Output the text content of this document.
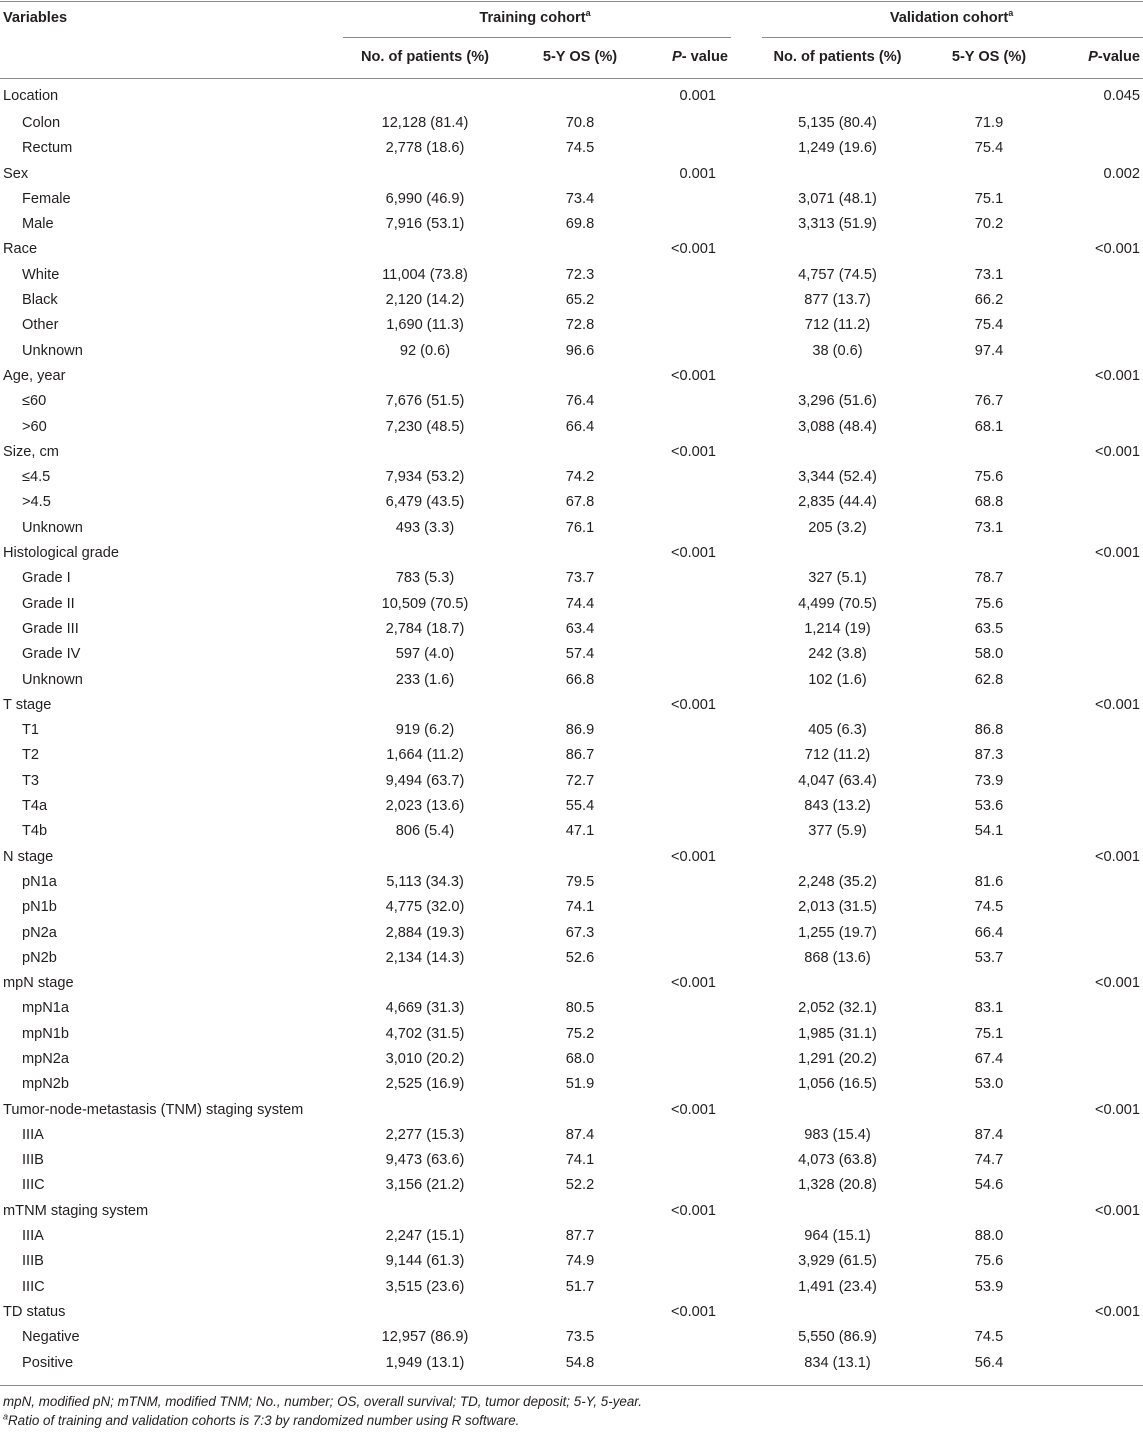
Variables	Training cohort$^a$				Validation cohort$^a$
	No. of patients (%)	5-Y OS (%)	P- value		No. of patients (%)	5-Y OS (%)	P-value
Location			0.001				0.045
Colon	12,128 (81.4)	70.8			5,135 (80.4)	71.9	
Rectum	2,778 (18.6)	74.5			1,249 (19.6)	75.4	
Sex			0.001				0.002
Female	6,990 (46.9)	73.4			3,071 (48.1)	75.1	
Male	7,916 (53.1)	69.8			3,313 (51.9)	70.2	
Race			<0.001				<0.001
White	11,004 (73.8)	72.3			4,757 (74.5)	73.1	
Black	2,120 (14.2)	65.2			877 (13.7)	66.2	
Other	1,690 (11.3)	72.8			712 (11.2)	75.4	
Unknown	92 (0.6)	96.6			38 (0.6)	97.4	
Age, year			<0.001				<0.001
≤60	7,676 (51.5)	76.4			3,296 (51.6)	76.7	
>60	7,230 (48.5)	66.4			3,088 (48.4)	68.1	
Size, cm			<0.001				<0.001
≤4.5	7,934 (53.2)	74.2			3,344 (52.4)	75.6	
>4.5	6,479 (43.5)	67.8			2,835 (44.4)	68.8	
Unknown	493 (3.3)	76.1			205 (3.2)	73.1	
Histological grade			<0.001				<0.001
Grade I	783 (5.3)	73.7			327 (5.1)	78.7	
Grade II	10,509 (70.5)	74.4			4,499 (70.5)	75.6	
Grade III	2,784 (18.7)	63.4			1,214 (19)	63.5	
Grade IV	597 (4.0)	57.4			242 (3.8)	58.0	
Unknown	233 (1.6)	66.8			102 (1.6)	62.8	
T stage			<0.001				<0.001
T1	919 (6.2)	86.9			405 (6.3)	86.8	
T2	1,664 (11.2)	86.7			712 (11.2)	87.3	
T3	9,494 (63.7)	72.7			4,047 (63.4)	73.9	
T4a	2,023 (13.6)	55.4			843 (13.2)	53.6	
T4b	806 (5.4)	47.1			377 (5.9)	54.1	
N stage			<0.001				<0.001
pN1a	5,113 (34.3)	79.5			2,248 (35.2)	81.6	
pN1b	4,775 (32.0)	74.1			2,013 (31.5)	74.5	
pN2a	2,884 (19.3)	67.3			1,255 (19.7)	66.4	
pN2b	2,134 (14.3)	52.6			868 (13.6)	53.7	
mpN stage			<0.001				<0.001
mpN1a	4,669 (31.3)	80.5			2,052 (32.1)	83.1	
mpN1b	4,702 (31.5)	75.2			1,985 (31.1)	75.1	
mpN2a	3,010 (20.2)	68.0			1,291 (20.2)	67.4	
mpN2b	2,525 (16.9)	51.9			1,056 (16.5)	53.0	
Tumor-node-metastasis (TNM) staging system			<0.001				<0.001
IIIA	2,277 (15.3)	87.4			983 (15.4)	87.4	
IIIB	9,473 (63.6)	74.1			4,073 (63.8)	74.7	
IIIC	3,156 (21.2)	52.2			1,328 (20.8)	54.6	
mTNM staging system			<0.001				<0.001
IIIA	2,247 (15.1)	87.7			964 (15.1)	88.0	
IIIB	9,144 (61.3)	74.9			3,929 (61.5)	75.6	
IIIC	3,515 (23.6)	51.7			1,491 (23.4)	53.9	
TD status			<0.001				<0.001
Negative	12,957 (86.9)	73.5			5,550 (86.9)	74.5	
Positive	1,949 (13.1)	54.8			834 (13.1)	56.4	
mpN, modified pN; mTNM, modified TNM; No., number; OS, overall survival; TD, tumor deposit; 5-Y, 5-year.
$^a$Ratio of training and validation cohorts is 7:3 by randomized number using R software.
